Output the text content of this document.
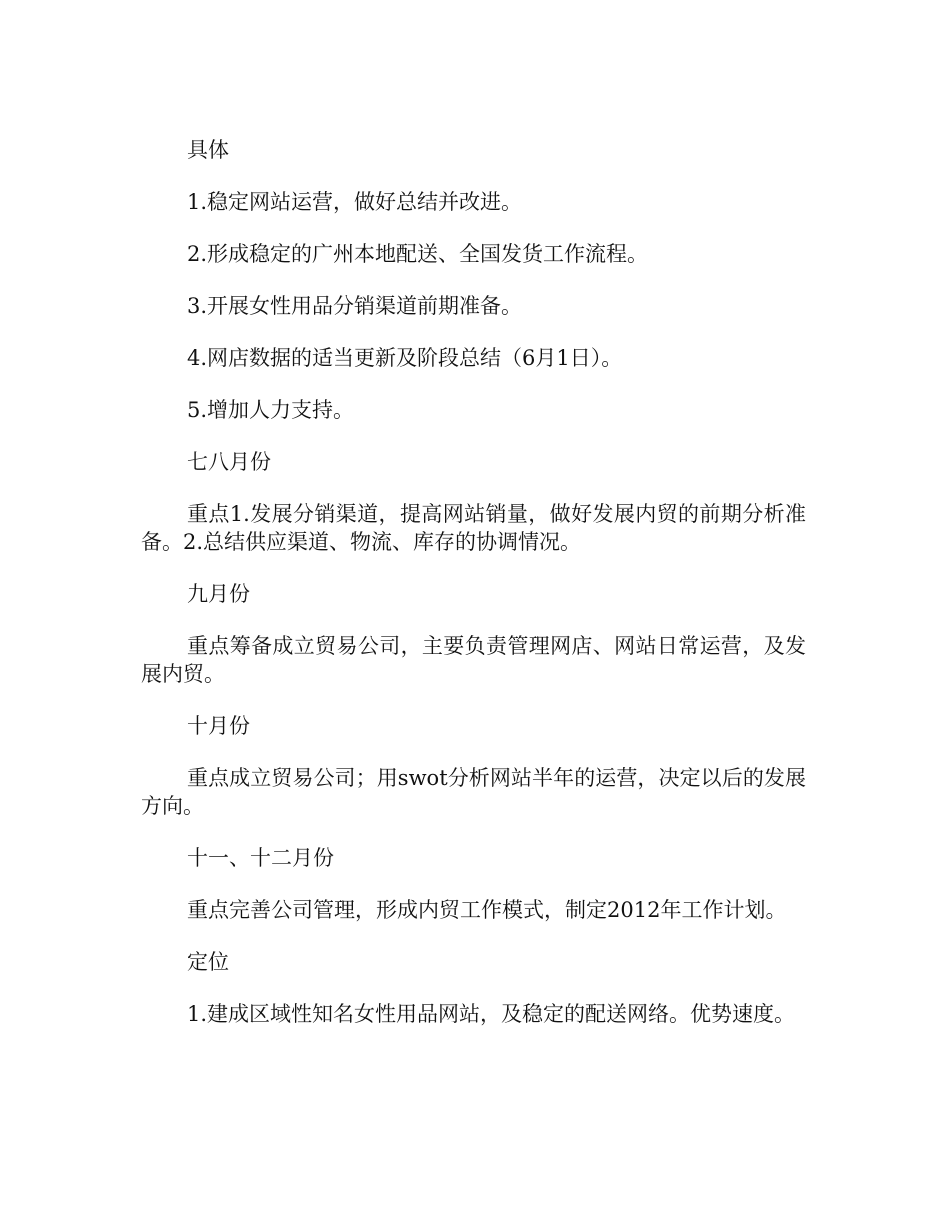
具体

1.稳定网站运营，做好总结并改进。

2.形成稳定的广州本地配送、全国发货工作流程。

3.开展女性用品分销渠道前期准备。

4.网店数据的适当更新及阶段总结（6月1日）。

5.增加人力支持。

七八月份

重点1.发展分销渠道，提高网站销量，做好发展内贸的前期分析准备。2.总结供应渠道、物流、库存的协调情况。

九月份

重点筹备成立贸易公司，主要负责管理网店、网站日常运营，及发展内贸。

十月份

重点成立贸易公司；用swot分析网站半年的运营，决定以后的发展方向。

十一、十二月份

重点完善公司管理，形成内贸工作模式，制定2012年工作计划。

定位

1.建成区域性知名女性用品网站，及稳定的配送网络。优势速度。
